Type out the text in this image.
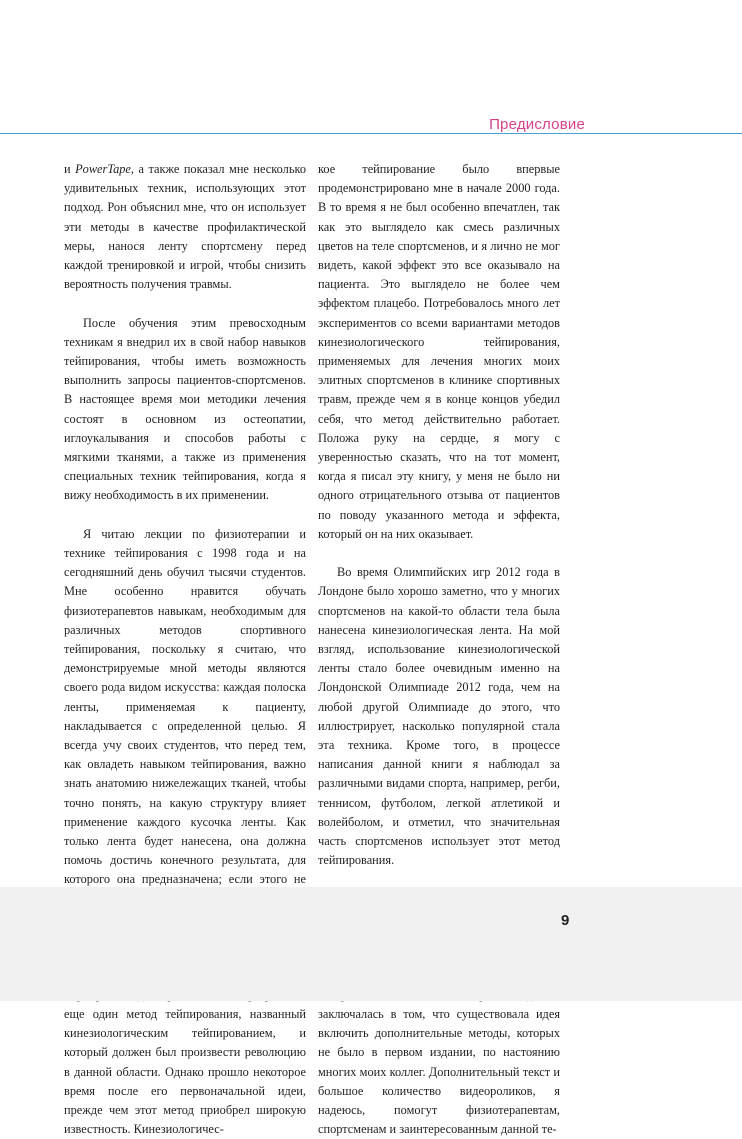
Предисловие

и PowerTape, а также показал мне несколько удивительных техник, использующих этот подход. Рон объяснил мне, что он использует эти методы в качестве профилактической меры, нанося ленту спортсмену перед каждой тренировкой и игрой, чтобы снизить вероятность получения травмы.

После обучения этим превосходным техникам я внедрил их в свой набор навыков тейпирования, чтобы иметь возможность выполнить запросы пациентов-спортсменов. В настоящее время мои методики лечения состоят в основном из остеопатии, иглоукалывания и способов работы с мягкими тканями, а также из применения специальных техник тейпирования, когда я вижу необходимость в их применении.

Я читаю лекции по физиотерапии и технике тейпирования с 1998 года и на сегодняшний день обучил тысячи студентов. Мне особенно нравится обучать физиотерапевтов навыкам, необходимым для различных методов спортивного тейпирования, поскольку я считаю, что демонстрируемые мной методы являются своего рода видом искусства: каждая полоска ленты, применяемая к пациенту, накладывается с определенной целью. Я всегда учу своих студентов, что перед тем, как овладеть навыком тейпирования, важно знать анатомию нижележащих тканей, чтобы точно понять, на какую структуру влияет применение каждого кусочка ленты. Как только лента будет нанесена, она должна помочь достичь конечного результата, для которого она предназначена; если этого не

еще один метод тейпирования, названный кинезиологическим тейпированием, и который должен был произвести революцию в данной области. Однако прошло некоторое время после его первоначальной идеи, прежде чем этот метод приобрел широкую известность. Кинезиологичес-

кое тейпирование было впервые продемонстрировано мне в начале 2000 года. В то время я не был особенно впечатлен, так как это выглядело как смесь различных цветов на теле спортсменов, и я лично не мог видеть, какой эффект это все оказывало на пациента. Это выглядело не более чем эффектом плацебо. Потребовалось много лет экспериментов со всеми вариантами методов кинезиологического тейпирования, применяемых для лечения многих моих элитных спортсменов в клинике спортивных травм, прежде чем я в конце концов убедил себя, что метод действительно работает. Положа руку на сердце, я могу с уверенностью сказать, что на тот момент, когда я писал эту книгу, у меня не было ни одного отрицательного отзыва от пациентов по поводу указанного метода и эффекта, который он на них оказывает.

Во время Олимпийских игр 2012 года в Лондоне было хорошо заметно, что у многих спортсменов на какой-то области тела была нанесена кинезиологическая лента. На мой взгляд, использование кинезиологической ленты стало более очевидным именно на Лондонской Олимпиаде 2012 года, чем на любой другой Олимпиаде до этого, что иллюстрирует, насколько популярной стала эта техника. Кроме того, в процессе написания данной книги я наблюдал за различными видами спорта, например, регби, теннисом, футболом, легкой атлетикой и волейболом, и отметил, что значительная часть спортсменов использует этот метод тейпирования.

заключалась в том, что существовала идея включить дополнительные методы, которых не было в первом издании, по настоянию многих моих коллег. Дополнительный текст и большое количество видеороликов, я надеюсь, помогут физиотерапевтам, спортсменам и заинтересованным данной те-

9
